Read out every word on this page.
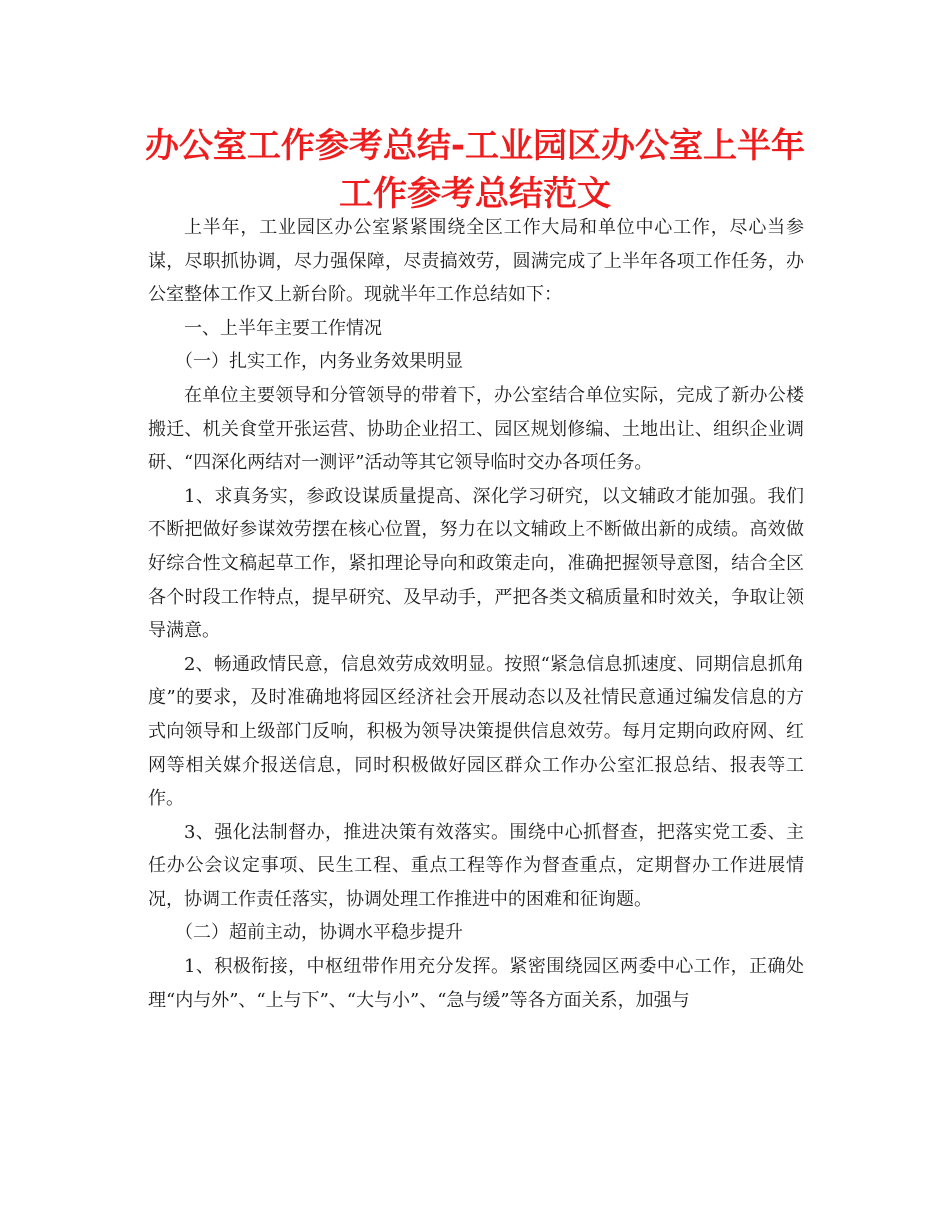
办公室工作参考总结-工业园区办公室上半年工作参考总结范文

上半年，工业园区办公室紧紧围绕全区工作大局和单位中心工作，尽心当参谋，尽职抓协调，尽力强保障，尽责搞效劳，圆满完成了上半年各项工作任务，办公室整体工作又上新台阶。现就半年工作总结如下：

一、上半年主要工作情况

（一）扎实工作，内务业务效果明显

在单位主要领导和分管领导的带着下，办公室结合单位实际，完成了新办公楼搬迁、机关食堂开张运营、协助企业招工、园区规划修编、土地出让、组织企业调研、“四深化两结对一测评”活动等其它领导临时交办各项任务。

1、求真务实，参政设谋质量提高、深化学习研究，以文辅政才能加强。我们不断把做好参谋效劳摆在核心位置，努力在以文辅政上不断做出新的成绩。高效做好综合性文稿起草工作，紧扣理论导向和政策走向，准确把握领导意图，结合全区各个时段工作特点，提早研究、及早动手，严把各类文稿质量和时效关，争取让领导满意。

2、畅通政情民意，信息效劳成效明显。按照“紧急信息抓速度、同期信息抓角度”的要求，及时准确地将园区经济社会开展动态以及社情民意通过编发信息的方式向领导和上级部门反响，积极为领导决策提供信息效劳。每月定期向政府网、红网等相关媒介报送信息，同时积极做好园区群众工作办公室汇报总结、报表等工作。

3、强化法制督办，推进决策有效落实。围绕中心抓督查，把落实党工委、主任办公会议定事项、民生工程、重点工程等作为督查重点，定期督办工作进展情况，协调工作责任落实，协调处理工作推进中的困难和征询题。

（二）超前主动，协调水平稳步提升

1、积极衔接，中枢纽带作用充分发挥。紧密围绕园区两委中心工作，正确处理“内与外”、“上与下”、“大与小”、“急与缓”等各方面关系，加强与
